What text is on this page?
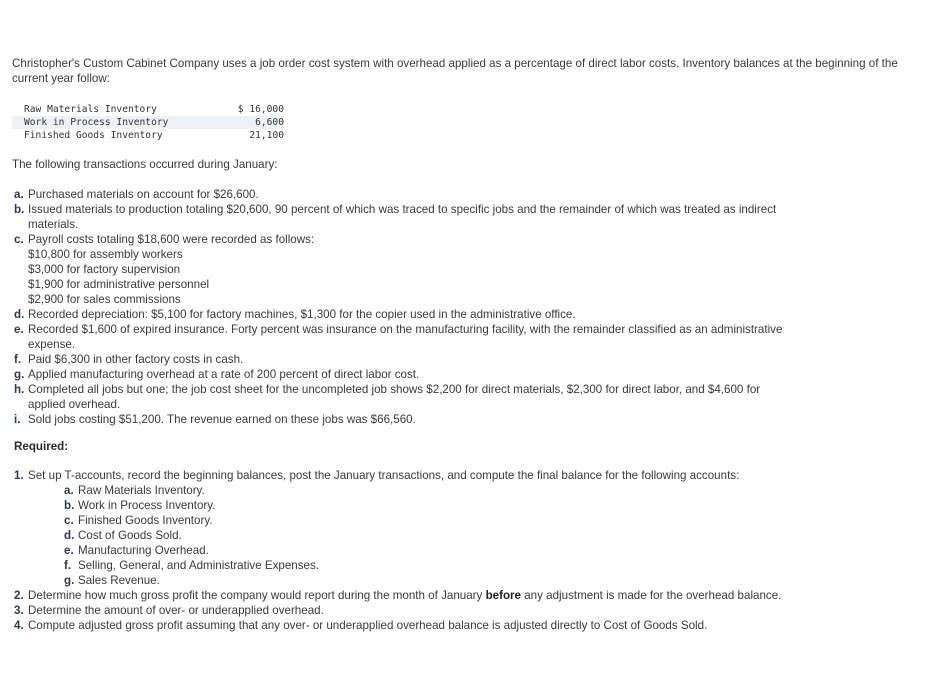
Christopher's Custom Cabinet Company uses a job order cost system with overhead applied as a percentage of direct labor costs. Inventory balances at the beginning of the current year follow:
Raw Materials Inventory	$ 16,000
Work in Process Inventory	6,600
Finished Goods Inventory	21,100
The following transactions occurred during January:
a. Purchased materials on account for $26,600.
b. Issued materials to production totaling $20,600, 90 percent of which was traced to specific jobs and the remainder of which was treated as indirect materials.
c. Payroll costs totaling $18,600 were recorded as follows:
$10,800 for assembly workers
$3,000 for factory supervision
$1,900 for administrative personnel
$2,900 for sales commissions
d. Recorded depreciation: $5,100 for factory machines, $1,300 for the copier used in the administrative office.
e. Recorded $1,600 of expired insurance. Forty percent was insurance on the manufacturing facility, with the remainder classified as an administrative expense.
f. Paid $6,300 in other factory costs in cash.
g. Applied manufacturing overhead at a rate of 200 percent of direct labor cost.
h. Completed all jobs but one; the job cost sheet for the uncompleted job shows $2,200 for direct materials, $2,300 for direct labor, and $4,600 for applied overhead.
i. Sold jobs costing $51,200. The revenue earned on these jobs was $66,560.
Required:
1. Set up T-accounts, record the beginning balances, post the January transactions, and compute the final balance for the following accounts:
a. Raw Materials Inventory.
b. Work in Process Inventory.
c. Finished Goods Inventory.
d. Cost of Goods Sold.
e. Manufacturing Overhead.
f. Selling, General, and Administrative Expenses.
g. Sales Revenue.
2. Determine how much gross profit the company would report during the month of January before any adjustment is made for the overhead balance.
3. Determine the amount of over- or underapplied overhead.
4. Compute adjusted gross profit assuming that any over- or underapplied overhead balance is adjusted directly to Cost of Goods Sold.
